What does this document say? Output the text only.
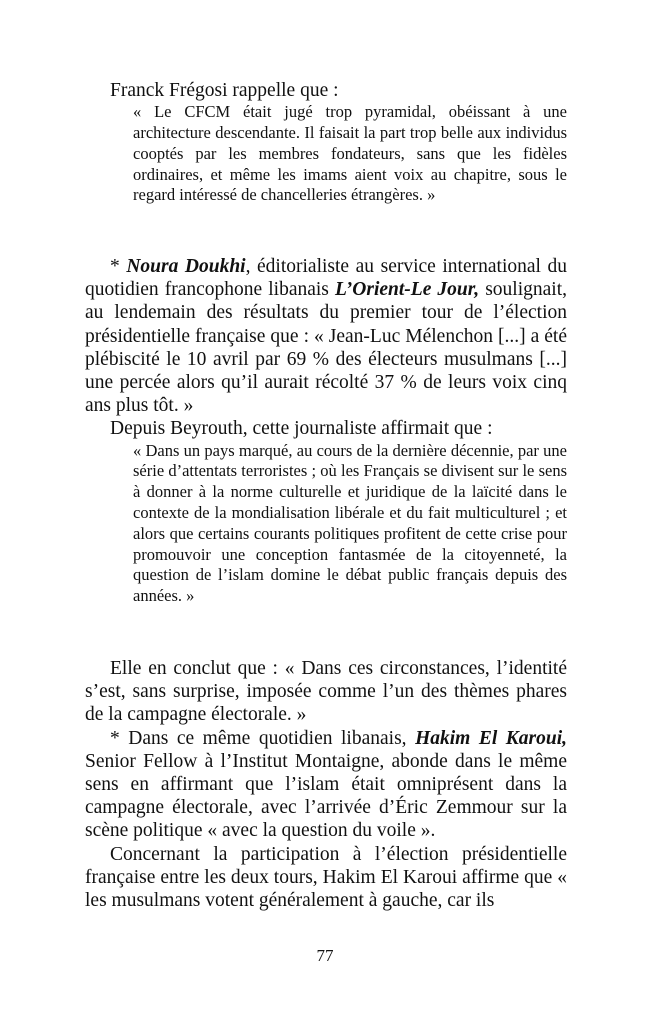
Franck Frégosi rappelle que :

« Le CFCM était jugé trop pyramidal, obéissant à une architecture descendante. Il faisait la part trop belle aux individus cooptés par les membres fondateurs, sans que les fidèles ordinaires, et même les imams aient voix au chapitre, sous le regard intéressé de chancelleries étrangères. »

* Noura Doukhi, éditorialiste au service international du quotidien francophone libanais L’Orient-Le Jour, soulignait, au lendemain des résultats du premier tour de l’élection présidentielle française que : « Jean-Luc Mélenchon [...] a été plébiscité le 10 avril par 69 % des électeurs musulmans [...] une percée alors qu’il aurait récolté 37 % de leurs voix cinq ans plus tôt. »

Depuis Beyrouth, cette journaliste affirmait que :

« Dans un pays marqué, au cours de la dernière décennie, par une série d’attentats terroristes ; où les Français se divisent sur le sens à donner à la norme culturelle et juridique de la laïcité dans le contexte de la mondialisation libérale et du fait multiculturel ; et alors que certains courants politiques profitent de cette crise pour promouvoir une conception fantasmée de la citoyenneté, la question de l’islam domine le débat public français depuis des années. »

Elle en conclut que : « Dans ces circonstances, l’identité s’est, sans surprise, imposée comme l’un des thèmes phares de la campagne électorale. »

* Dans ce même quotidien libanais, Hakim El Karoui, Senior Fellow à l’Institut Montaigne, abonde dans le même sens en affirmant que l’islam était omniprésent dans la campagne électorale, avec l’arrivée d’Éric Zemmour sur la scène politique « avec la question du voile ».

Concernant la participation à l’élection présidentielle française entre les deux tours, Hakim El Karoui affirme que « les musulmans votent généralement à gauche, car ils

77
